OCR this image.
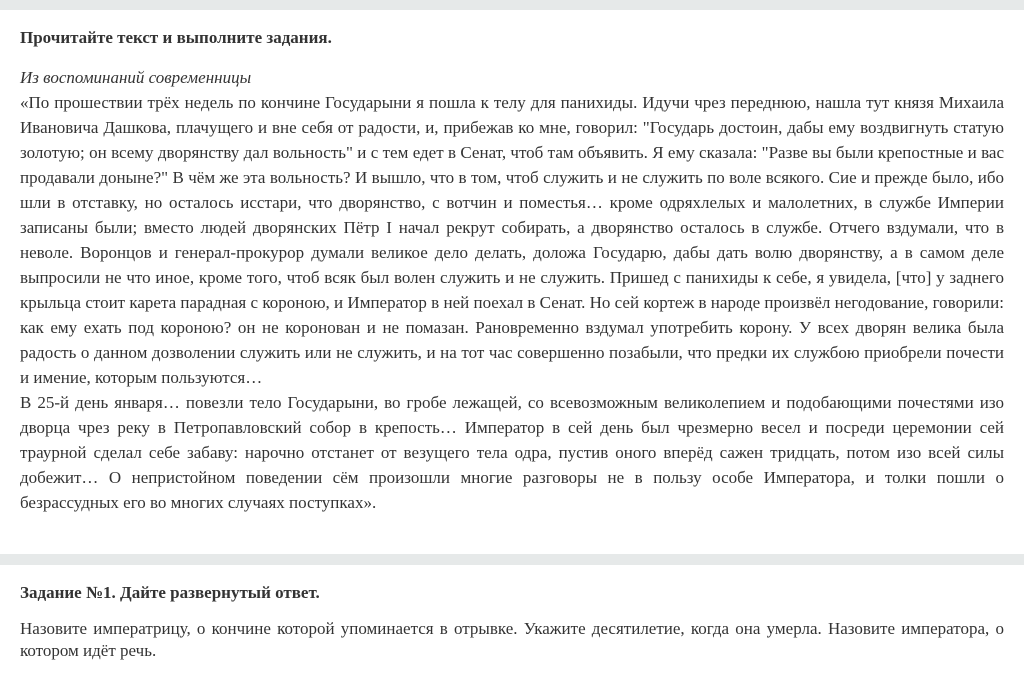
Прочитайте текст и выполните задания.

Из воспоминаний современницы

«По прошествии трёх недель по кончине Государыни я пошла к телу для панихиды. Идучи чрез переднюю, нашла тут князя Михаила Ивановича Дашкова, плачущего и вне себя от радости, и, прибежав ко мне, говорил: "Государь достоин, дабы ему воздвигнуть статую золотую; он всему дворянству дал вольность" и с тем едет в Сенат, чтоб там объявить. Я ему сказала: "Разве вы были крепостные и вас продавали доныне?" В чём же эта вольность? И вышло, что в том, чтоб служить и не служить по воле всякого. Сие и прежде было, ибо шли в отставку, но осталось исстари, что дворянство, с вотчин и поместья… кроме одряхлелых и малолетних, в службе Империи записаны были; вместо людей дворянских Пётр I начал рекрут собирать, а дворянство осталось в службе. Отчего вздумали, что в неволе. Воронцов и генерал-прокурор думали великое дело делать, доложа Государю, дабы дать волю дворянству, а в самом деле выпросили не что иное, кроме того, чтоб всяк был волен служить и не служить. Пришед с панихиды к себе, я увидела, [что] у заднего крыльца стоит карета парадная с короною, и Император в ней поехал в Сенат. Но сей кортеж в народе произвёл негодование, говорили: как ему ехать под короною? он не коронован и не помазан. Рановременно вздумал употребить корону. У всех дворян велика была радость о данном дозволении служить или не служить, и на тот час совершенно позабыли, что предки их службою приобрели почести и имение, которым пользуются…

В 25-й день января… повезли тело Государыни, во гробе лежащей, со всевозможным великолепием и подобающими почестями изо дворца чрез реку в Петропавловский собор в крепость… Император в сей день был чрезмерно весел и посреди церемонии сей траурной сделал себе забаву: нарочно отстанет от везущего тела одра, пустив оного вперёд сажен тридцать, потом изо всей силы добежит… О непристойном поведении сём произошли многие разговоры не в пользу особе Императора, и толки пошли о безрассудных его во многих случаях поступках».

Задание №1. Дайте развернутый ответ.

Назовите императрицу, о кончине которой упоминается в отрывке. Укажите десятилетие, когда она умерла. Назовите императора, о котором идёт речь.
